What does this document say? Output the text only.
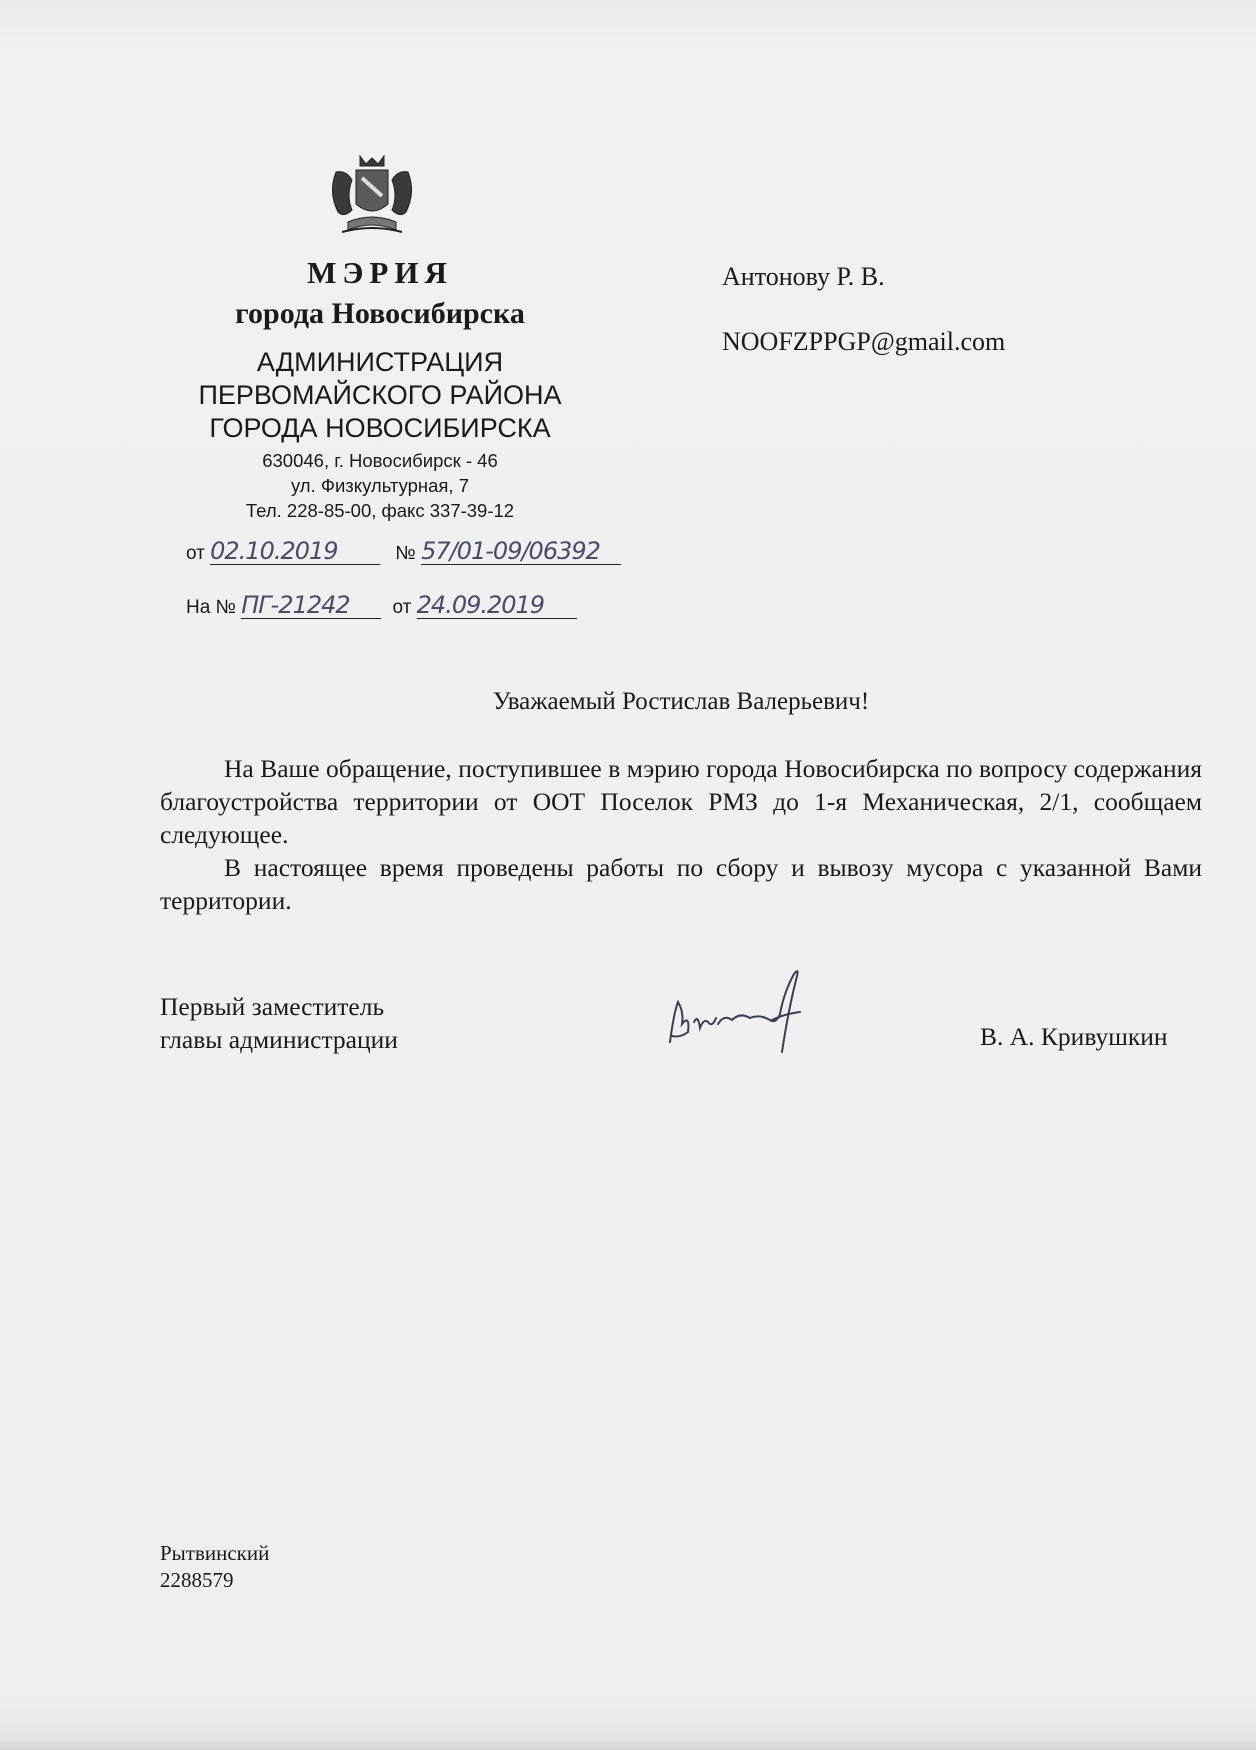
МЭРИЯ
города Новосибирска
АДМИНИСТРАЦИЯ
ПЕРВОМАЙСКОГО РАЙОНА
ГОРОДА НОВОСИБИРСКА
630046, г. Новосибирск - 46
ул. Физкультурная, 7
Тел. 228-85-00, факс 337-39-12
от 02.10.2019	№ 57/01-09/06392
На № ПГ-21242 от 24.09.2019
Антонову Р. В.
NOOFZPPGP@gmail.com
Уважаемый Ростислав Валерьевич!

На Ваше обращение, поступившее в мэрию города Новосибирска по вопросу содержания благоустройства территории от ООТ Поселок РМЗ до 1-я Механическая, 2/1, сообщаем следующее.

В настоящее время проведены работы по сбору и вывозу мусора с указанной Вами территории.

Первый заместитель
главы администрации	В. А. Кривушкин
Рытвинский
2288579
